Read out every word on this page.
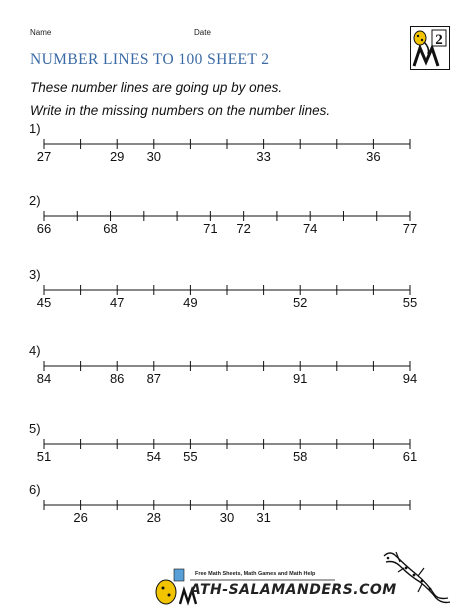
Name	Date	2
NUMBER LINES TO 100 SHEET 2
These number lines are going up by ones.
Write in the missing numbers on the number lines.
1)
27	29 30	33	36
2)
66	68	71 72	74	77
3)
45	47	49	52	55
4)
84	86 87	91	94
5)
51	54 55	58	61
6)
26	28	30 31
Free Math Sheets, Math Games and Math Help
ATH-SALAMANDERS.COM
